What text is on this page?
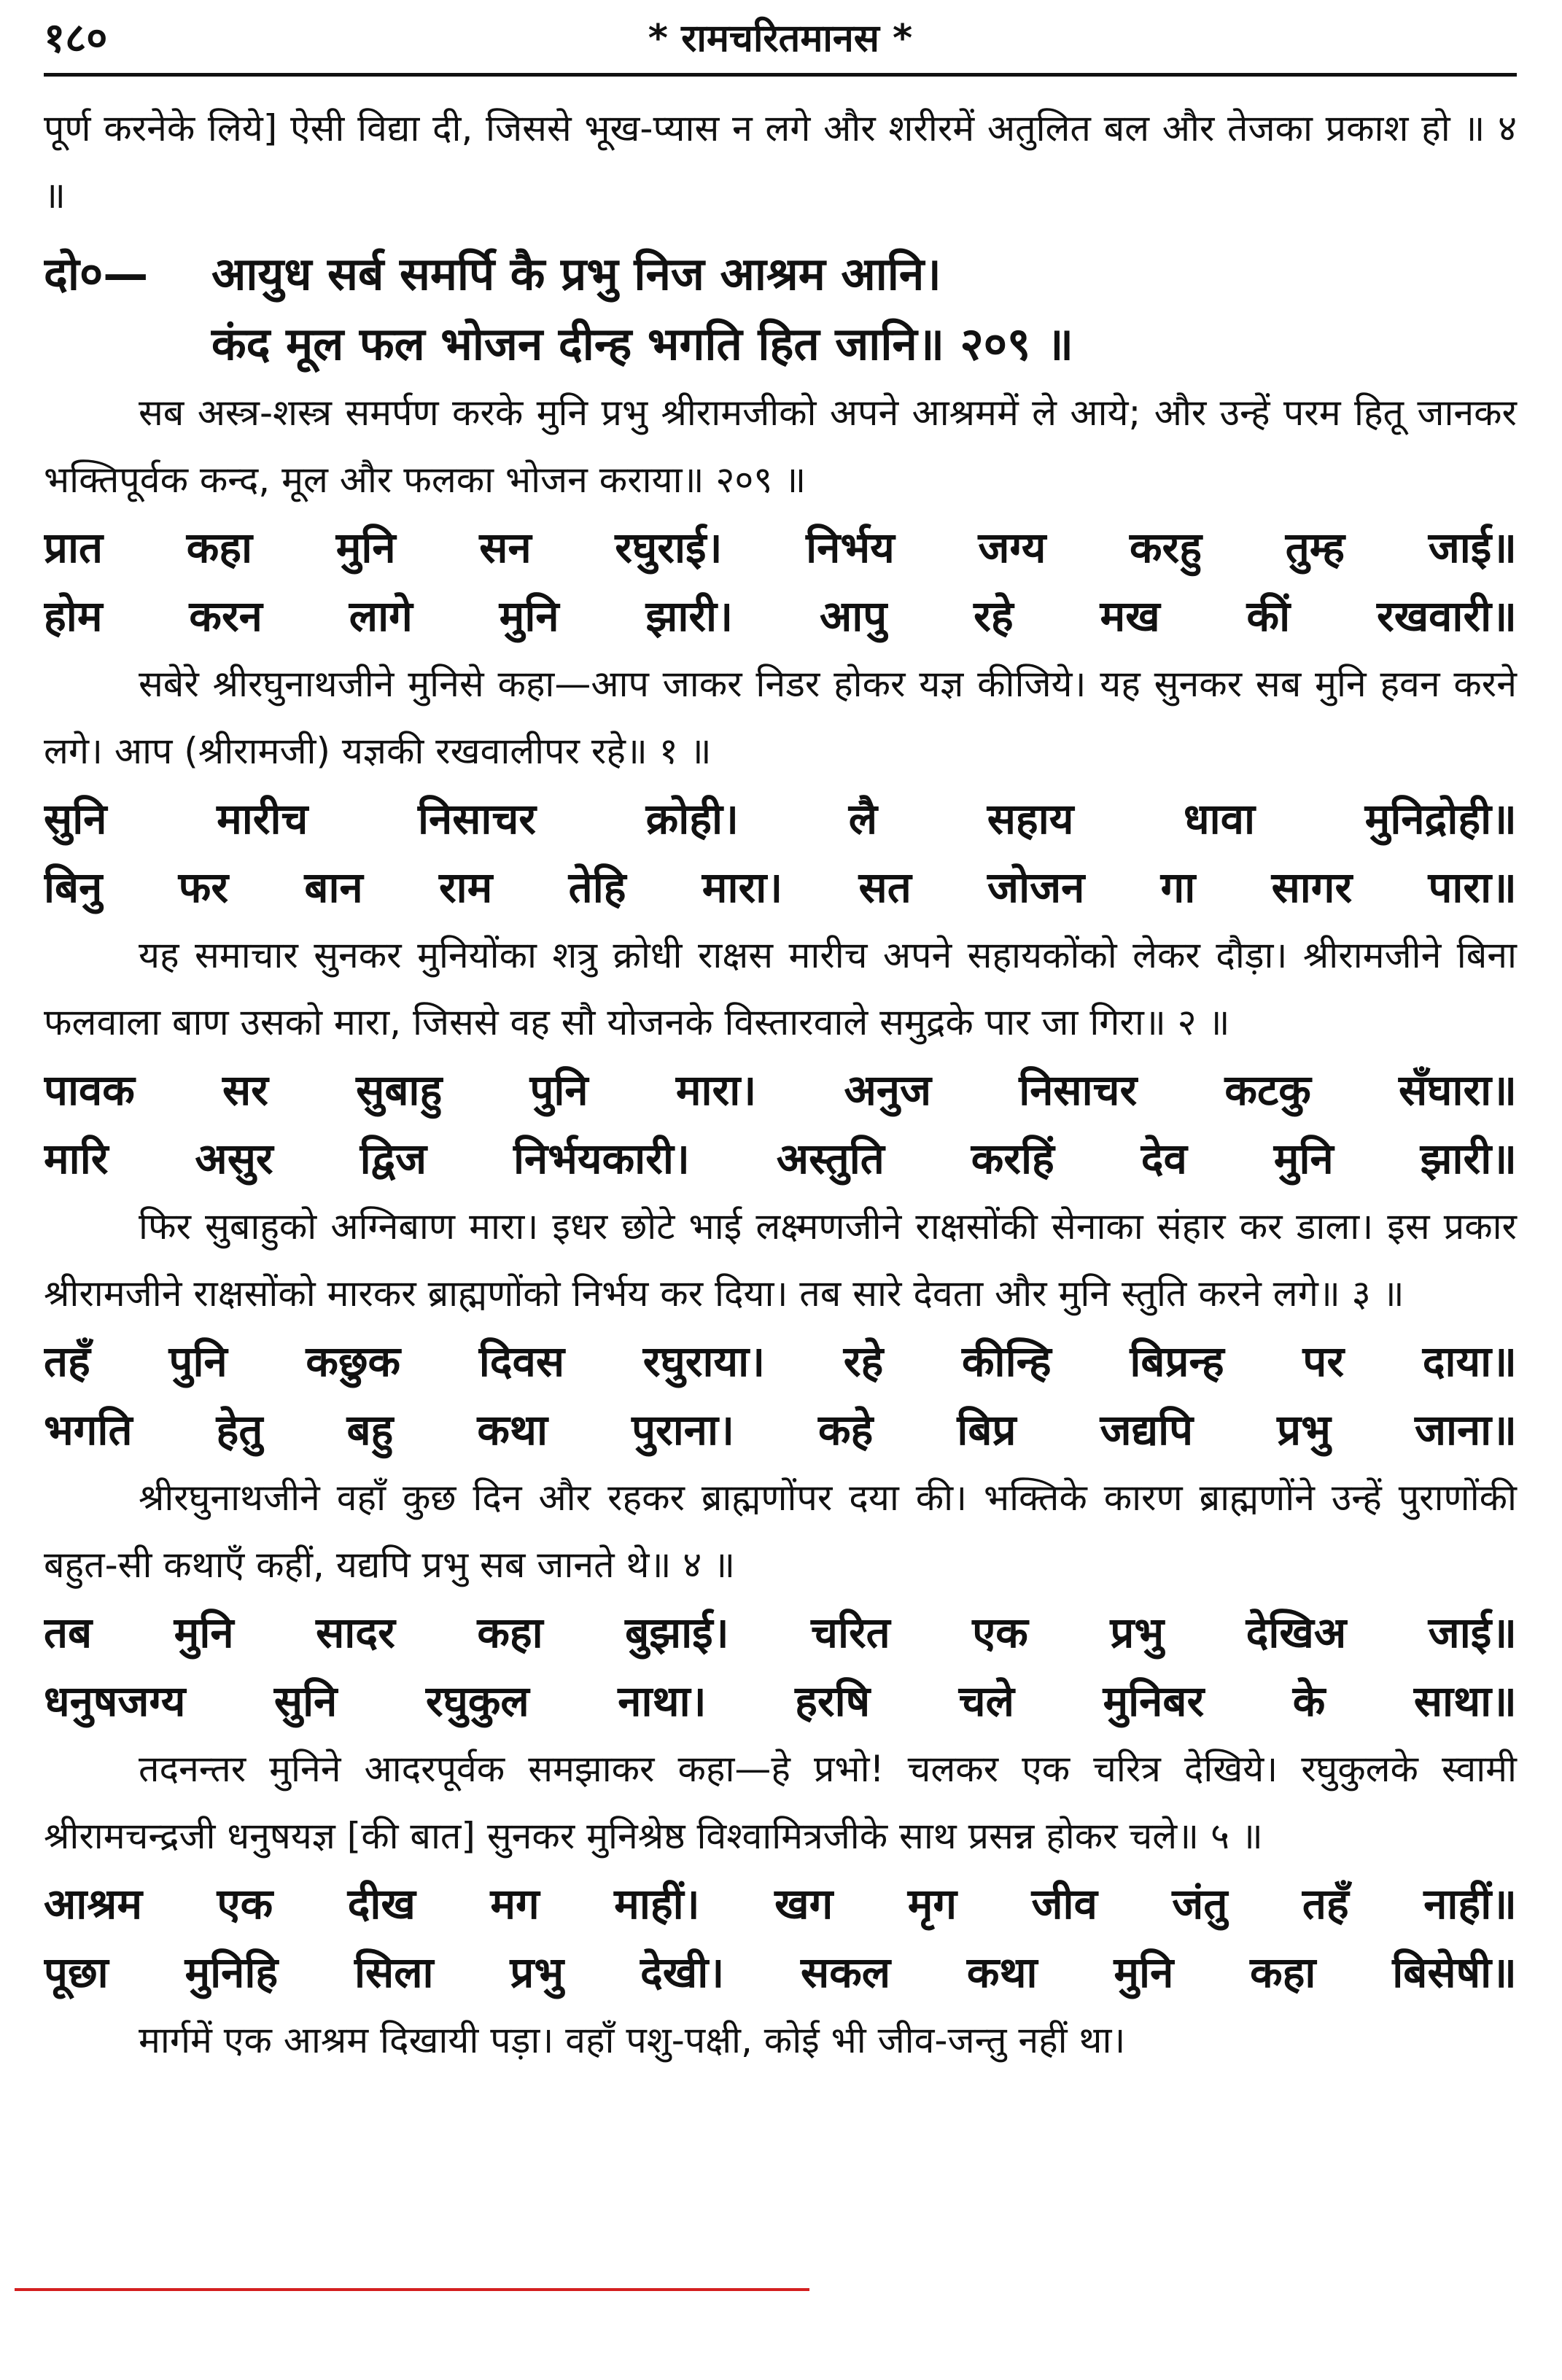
१८०	* रामचरितमानस *

पूर्ण करनेके लिये] ऐसी विद्या दी, जिससे भूख-प्यास न लगे और शरीरमें अतुलित बल और तेजका प्रकाश हो ॥ ४ ॥

दो०— आयुध सर्ब समर्पि कै प्रभु निज आश्रम आनि।
कंद मूल फल भोजन दीन्ह भगति हित जानि॥ २०९ ॥

सब अस्त्र-शस्त्र समर्पण करके मुनि प्रभु श्रीरामजीको अपने आश्रममें ले आये; और उन्हें परम हितू जानकर भक्तिपूर्वक कन्द, मूल और फलका भोजन कराया॥ २०९ ॥

प्रात कहा मुनि सन रघुराई। निर्भय जग्य करहु तुम्ह जाई॥
होम करन लागे मुनि झारी। आपु रहे मख कीं रखवारी॥

सबेरे श्रीरघुनाथजीने मुनिसे कहा—आप जाकर निडर होकर यज्ञ कीजिये। यह सुनकर सब मुनि हवन करने लगे। आप (श्रीरामजी) यज्ञकी रखवालीपर रहे॥ १ ॥

सुनि	मारीच	निसाचर	क्रोही।	लै	सहाय	धावा	मुनिद्रोही॥
बिनु फर बान राम तेहि मारा। सत जोजन गा सागर पारा॥

यह समाचार सुनकर मुनियोंका शत्रु क्रोधी राक्षस मारीच अपने सहायकोंको लेकर दौड़ा। श्रीरामजीने बिना फलवाला बाण उसको मारा, जिससे वह सौ योजनके विस्तारवाले समुद्रके पार जा गिरा॥ २ ॥

पावक सर सुबाहु पुनि मारा। अनुज निसाचर कटकु सँघारा॥
मारि असुर द्विज निर्भयकारी। अस्तुति करहिं देव मुनि झारी॥

फिर सुबाहुको अग्निबाण मारा। इधर छोटे भाई लक्ष्मणजीने राक्षसोंकी सेनाका संहार कर डाला। इस प्रकार श्रीरामजीने राक्षसोंको मारकर ब्राह्मणोंको निर्भय कर दिया। तब सारे देवता और मुनि स्तुति करने लगे॥ ३ ॥

तहँ पुनि कछुक दिवस रघुराया। रहे कीन्हि बिप्रन्ह पर दाया॥
भगति हेतु बहु कथा पुराना। कहे बिप्र जद्यपि प्रभु जाना॥

श्रीरघुनाथजीने वहाँ कुछ दिन और रहकर ब्राह्मणोंपर दया की। भक्तिके कारण ब्राह्मणोंने उन्हें पुराणोंकी बहुत-सी कथाएँ कहीं, यद्यपि प्रभु सब जानते थे॥ ४ ॥

तब मुनि सादर कहा बुझाई। चरित एक प्रभु देखिअ जाई॥
धनुषजग्य सुनि रघुकुल नाथा। हरषि चले मुनिबर के साथा॥

तदनन्तर मुनिने आदरपूर्वक समझाकर कहा—हे प्रभो! चलकर एक चरित्र देखिये। रघुकुलके स्वामी श्रीरामचन्द्रजी धनुषयज्ञ [की बात] सुनकर मुनिश्रेष्ठ विश्वामित्रजीके साथ प्रसन्न होकर चले॥ ५ ॥

आश्रम एक दीख मग माहीं। खग मृग जीव जंतु तहँ नाहीं॥
पूछा मुनिहि सिला प्रभु देखी। सकल कथा मुनि कहा बिसेषी॥

मार्गमें एक आश्रम दिखायी पड़ा। वहाँ पशु-पक्षी, कोई भी जीव-जन्तु नहीं था।
